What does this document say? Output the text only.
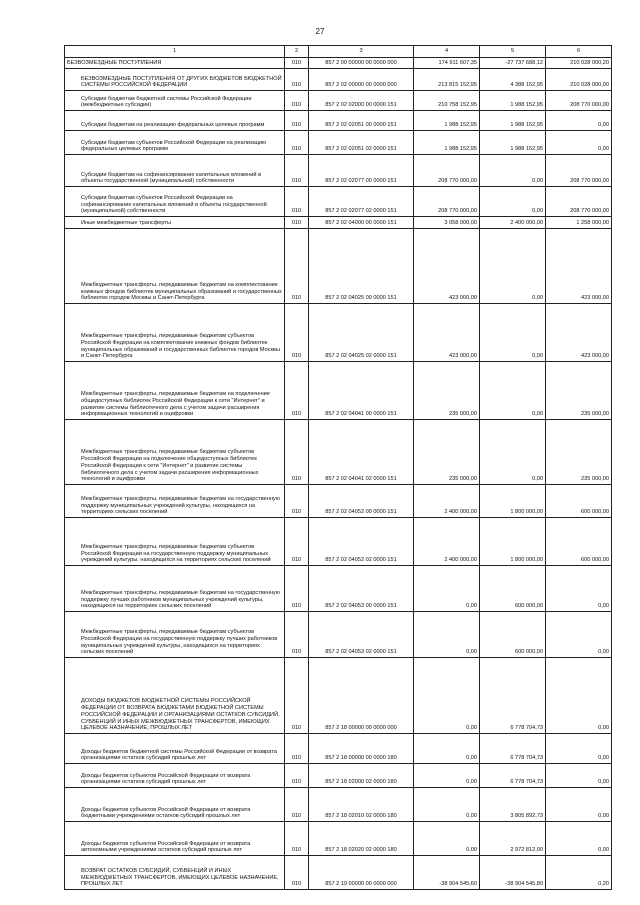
27
1	2	3	4	5	6
БЕЗВОЗМЕЗДНЫЕ ПОСТУПЛЕНИЯ	010	857 2 00 00000 00 0000 000	174 911 607,35	-27 737 688,12	210 028 000,20
БЕЗВОЗМЕЗДНЫЕ ПОСТУПЛЕНИЯ ОТ ДРУГИХ БЮДЖЕТОВ БЮДЖЕТНОЙ СИСТЕМЫ РОССИЙСКОЙ ФЕДЕРАЦИИ	010	857 2 02 00000 00 0000 000	213 815 152,95	4 388 152,95	210 028 000,00
Субсидии бюджетам бюджетной системы Российской Федерации (межбюджетные субсидии)	010	857 2 02 02000 00 0000 151	210 758 152,95	1 988 152,95	208 770 000,00
Субсидии бюджетам на реализацию федеральных целевых программ	010	857 2 02 02051 00 0000 151	1 988 152,95	1 988 152,95	0,00
Субсидии бюджетам субъектов Российской Федерации на реализацию федеральных целевых программ	010	857 2 02 02051 02 0000 151	1 988 152,95	1 988 152,95	0,00
Субсидии бюджетам на софинансирование капитальных вложений в объекты государственной (муниципальной) собственности	010	857 2 02 02077 00 0000 151	208 770 000,00	0,00	208 770 000,00
Субсидии бюджетам субъектов Российской Федерации на софинансирование капитальных вложений в объекты государственной (муниципальной) собственности	010	857 2 02 02077 02 0000 151	208 770 000,00	0,00	208 770 000,00
Иные межбюджетные трансферты	010	857 2 02 04000 00 0000 151	3 058 000,00	2 400 000,00	1 258 000,00
Межбюджетные трансферты, передаваемые бюджетам на комплектование книжных фондов библиотек муниципальных образований и государственных библиотек городов Москвы и Санкт-Петербурга	010	857 2 02 04025 00 0000 151	423 000,00	0,00	423 000,00
Межбюджетные трансферты, передаваемые бюджетам субъектов Российской Федерации на комплектование книжных фондов библиотек муниципальных образований и государственных библиотек городов Москвы и Санкт-Петербурга	010	857 2 02 04025 02 0000 151	423 000,00	0,00	423 000,00
Межбюджетные трансферты, передаваемые бюджетам на подключение общедоступных библиотек Российской Федерации к сети "Интернет" и развитие системы библиотечного дела с учетом задачи расширения информационных технологий и оцифровки	010	857 2 02 04041 00 0000 151	235 000,00	0,00	235 000,00
Межбюджетные трансферты, передаваемые бюджетам субъектов Российской Федерации на подключение общедоступных библиотек Российской Федерации к сети "Интернет" и развитие системы библиотечного дела с учетом задачи расширения информационных технологий и оцифровки	010	857 2 02 04041 02 0000 151	235 000,00	0,00	235 000,00
Межбюджетные трансферты, передаваемые бюджетам на государственную поддержку муниципальных учреждений культуры, находящихся на территориях сельских поселений	010	857 2 02 04052 00 0000 151	2 400 000,00	1 800 000,00	600 000,00
Межбюджетные трансферты, передаваемые бюджетам субъектов Российской Федерации на государственную поддержку муниципальных учреждений культуры, находящихся на территориях сельских поселений	010	857 2 02 04052 02 0000 151	2 400 000,00	1 800 000,00	600 000,00
Межбюджетные трансферты, передаваемые бюджетам на государственную поддержку лучших работников муниципальных учреждений культуры, находящихся на территориях сельских поселений	010	857 2 02 04053 00 0000 151	0,00	600 000,00	0,00
Межбюджетные трансферты, передаваемые бюджетам субъектов Российской Федерации на государственную поддержку лучших работников муниципальных учреждений культуры, находящихся на территориях сельских поселений	010	857 2 02 04053 02 0000 151	0,00	600 000,00	0,00
ДОХОДЫ БЮДЖЕТОВ БЮДЖЕТНОЙ СИСТЕМЫ РОССИЙСКОЙ ФЕДЕРАЦИИ ОТ ВОЗВРАТА БЮДЖЕТАМИ БЮДЖЕТНОЙ СИСТЕМЫ РОССИЙСКОЙ ФЕДЕРАЦИИ И ОРГАНИЗАЦИЯМИ ОСТАТКОВ СУБСИДИЙ, СУБВЕНЦИЙ И ИНЫХ МЕЖБЮДЖЕТНЫХ ТРАНСФЕРТОВ, ИМЕЮЩИХ ЦЕЛЕВОЕ НАЗНАЧЕНИЕ, ПРОШЛЫХ ЛЕТ	010	857 2 18 00000 00 0000 000	0,00	6 778 704,73	0,00
Доходы бюджетов бюджетной системы Российской Федерации от возврата организациями остатков субсидий прошлых лет	010	857 2 18 00000 00 0000 180	0,00	6 778 704,73	0,00
Доходы бюджетов субъектов Российской Федерации от возврата организациями остатков субсидий прошлых лет	010	857 2 18 02000 02 0000 180	0,00	6 778 704,73	0,00
Доходы бюджетов субъектов Российской Федерации от возврата бюджетными учреждениями остатков субсидий прошлых лет	010	857 2 18 02010 02 0000 180	0,00	3 805 892,73	0,00
Доходы бюджетов субъектов Российской Федерации от возврата автономными учреждениями остатков субсидий прошлых лет	010	857 2 18 02020 02 0000 180	0,00	2 972 812,00	0,00
ВОЗВРАТ ОСТАТКОВ СУБСИДИЙ, СУБВЕНЦИЙ И ИНЫХ МЕЖБЮДЖЕТНЫХ ТРАНСФЕРТОВ, ИМЕЮЩИХ ЦЕЛЕВОЕ НАЗНАЧЕНИЕ, ПРОШЛЫХ ЛЕТ	010	857 2 19 00000 00 0000 000	-38 904 545,60	-38 904 545,80	0,20
